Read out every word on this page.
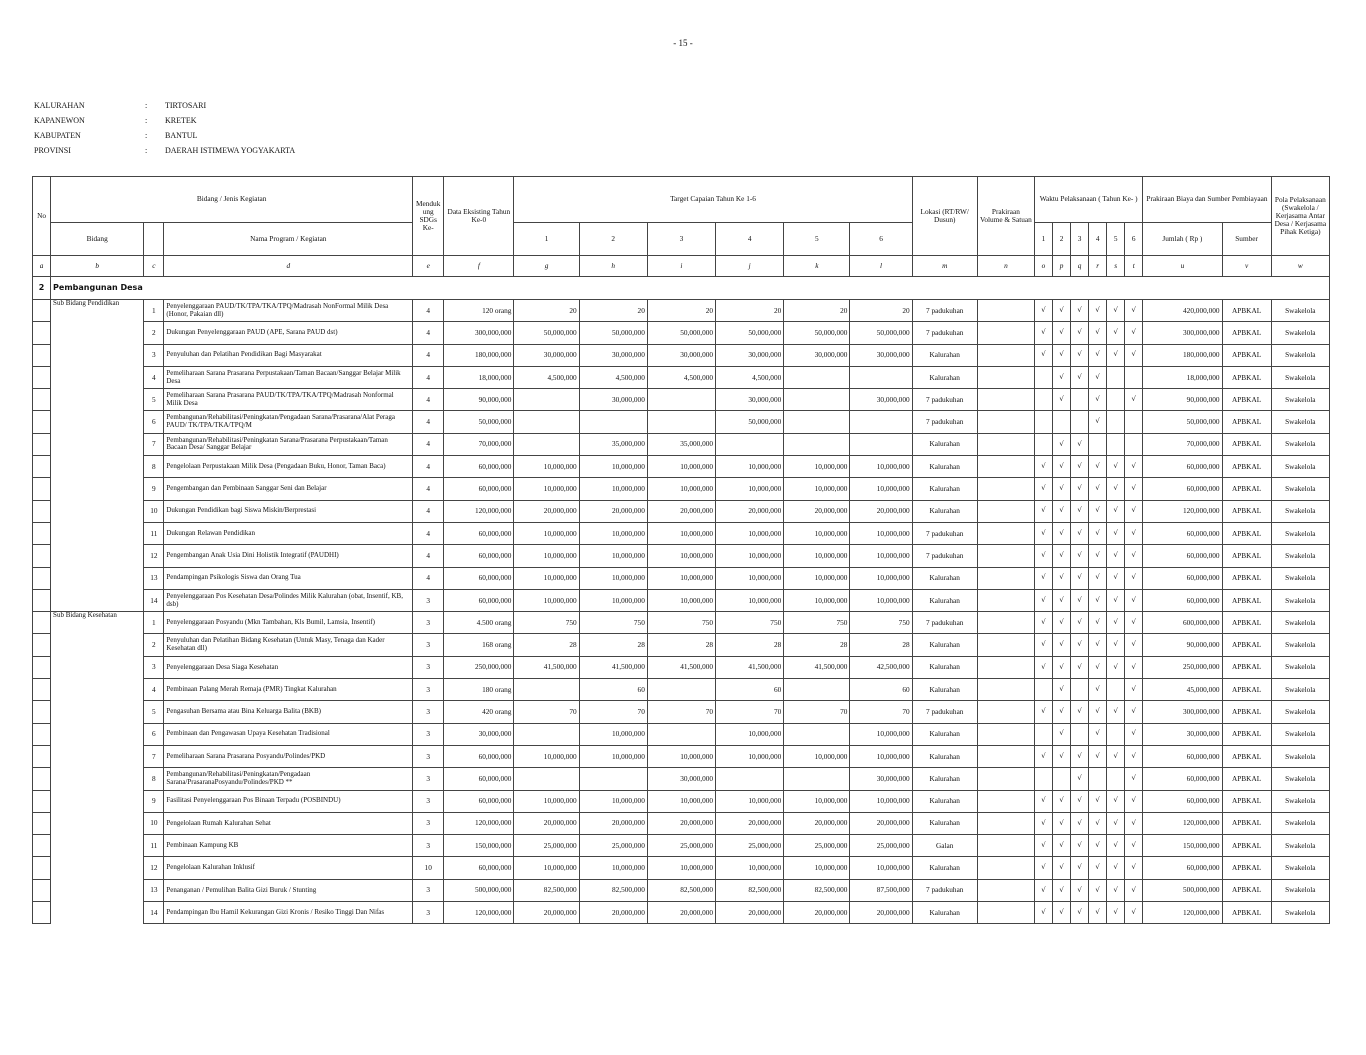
- 15 -
KALURAHAN	:	TIRTOSARI
KAPANEWON	:	KRETEK
KABUPATEN	:	BANTUL
PROVINSI	:	DAERAH ISTIMEWA YOGYAKARTA
No	Bidang / Jenis Kegiatan			Menduk ung SDGs Ke-	Data Eksisting Tahun Ke-0	Target Capaian Tahun Ke 1-6						Lokasi (RT/RW/ Dusun)	Prakiraan Volume & Satuan	Waktu Pelaksanaan ( Tahun Ke- )						Prakiraan Biaya dan Sumber Pembiayaan		Pola Pelaksanaan (Swakelola / Kerjasama Antar Desa / Kerjasama Pihak Ketiga)
	Bidang		Nama Program / Kegiatan			1	2	3	4	5	6			1	2	3	4	5	6	Jumlah ( Rp )	Sumber	
a	b	c	d	e	f	g	h	i	j	k	l	m	n	o	p	q	r	s	t	u	v	w
2	Pembangunan Desa																					
	Sub Bidang Pendidikan	1	Penyelenggaraan PAUD/TK/TPA/TKA/TPQ/Madrasah NonFormal Milik Desa (Honor, Pakaian dll)	4	120 orang	20	20	20	20	20	20	7 padukuhan		√	√	√	√	√	√	420,000,000	APBKAL	Swakelola
		2	Dukungan Penyelenggaraan PAUD (APE, Sarana PAUD dst)	4	300,000,000	50,000,000	50,000,000	50,000,000	50,000,000	50,000,000	50,000,000	7 padukuhan		√	√	√	√	√	√	300,000,000	APBKAL	Swakelola
		3	Penyuluhan dan Pelatihan Pendidikan Bagi Masyarakat	4	180,000,000	30,000,000	30,000,000	30,000,000	30,000,000	30,000,000	30,000,000	Kalurahan		√	√	√	√	√	√	180,000,000	APBKAL	Swakelola
		4	Pemeliharaan Sarana Prasarana Perpustakaan/Taman Bacaan/Sanggar Belajar Milik Desa	4	18,000,000	4,500,000	4,500,000	4,500,000	4,500,000			Kalurahan			√	√	√			18,000,000	APBKAL	Swakelola
		5	Pemeliharaan Sarana Prasarana PAUD/TK/TPA/TKA/TPQ/Madrasah Nonformal Milik Desa	4	90,000,000		30,000,000		30,000,000		30,000,000	7 padukuhan			√		√		√	90,000,000	APBKAL	Swakelola
		6	Pembangunan/Rehabilitasi/Peningkatan/Pengadaan Sarana/Prasarana/Alat Peraga PAUD/ TK/TPA/TKA/TPQ/M	4	50,000,000				50,000,000			7 padukuhan					√			50,000,000	APBKAL	Swakelola
		7	Pembangunan/Rehabilitasi/Peningkatan Sarana/Prasarana Perpustakaan/Taman Bacaan Desa/ Sanggar Belajar	4	70,000,000		35,000,000	35,000,000				Kalurahan			√	√				70,000,000	APBKAL	Swakelola
		8	Pengelolaan Perpustakaan Milik Desa (Pengadaan Buku, Honor, Taman Baca)	4	60,000,000	10,000,000	10,000,000	10,000,000	10,000,000	10,000,000	10,000,000	Kalurahan		√	√	√	√	√	√	60,000,000	APBKAL	Swakelola
		9	Pengembangan dan Pembinaan Sanggar Seni dan Belajar	4	60,000,000	10,000,000	10,000,000	10,000,000	10,000,000	10,000,000	10,000,000	Kalurahan		√	√	√	√	√	√	60,000,000	APBKAL	Swakelola
		10	Dukungan Pendidikan bagi Siswa Miskin/Berprestasi	4	120,000,000	20,000,000	20,000,000	20,000,000	20,000,000	20,000,000	20,000,000	Kalurahan		√	√	√	√	√	√	120,000,000	APBKAL	Swakelola
		11	Dukungan Relawan Pendidikan	4	60,000,000	10,000,000	10,000,000	10,000,000	10,000,000	10,000,000	10,000,000	7 padukuhan		√	√	√	√	√	√	60,000,000	APBKAL	Swakelola
		12	Pengembangan Anak Usia Dini Holistik Integratif (PAUDHI)	4	60,000,000	10,000,000	10,000,000	10,000,000	10,000,000	10,000,000	10,000,000	7 padukuhan		√	√	√	√	√	√	60,000,000	APBKAL	Swakelola
		13	Pendampingan Psikologis Siswa dan Orang Tua	4	60,000,000	10,000,000	10,000,000	10,000,000	10,000,000	10,000,000	10,000,000	Kalurahan		√	√	√	√	√	√	60,000,000	APBKAL	Swakelola
		14	Penyelenggaraan Pos Kesehatan Desa/Polindes Milik Kalurahan (obat, Insentif, KB, dsb)	3	60,000,000	10,000,000	10,000,000	10,000,000	10,000,000	10,000,000	10,000,000	Kalurahan		√	√	√	√	√	√	60,000,000	APBKAL	Swakelola
	Sub Bidang Kesehatan	1	Penyelenggaraan Posyandu (Mkn Tambahan, Kls Bumil, Lamsia, Insentif)	3	4.500 orang	750	750	750	750	750	750	7 padukuhan		√	√	√	√	√	√	600,000,000	APBKAL	Swakelola
		2	Penyuluhan dan Pelatihan Bidang Kesehatan (Untuk Masy, Tenaga dan Kader Kesehatan dll)	3	168 orang	28	28	28	28	28	28	Kalurahan		√	√	√	√	√	√	90,000,000	APBKAL	Swakelola
		3	Penyelenggaraan Desa Siaga Kesehatan	3	250,000,000	41,500,000	41,500,000	41,500,000	41,500,000	41,500,000	42,500,000	Kalurahan		√	√	√	√	√	√	250,000,000	APBKAL	Swakelola
		4	Pembinaan Palang Merah Remaja (PMR) Tingkat Kalurahan	3	180 orang		60		60		60	Kalurahan			√		√		√	45,000,000	APBKAL	Swakelola
		5	Pengasuhan Bersama atau Bina Keluarga Balita (BKB)	3	420 orang	70	70	70	70	70	70	7 padukuhan		√	√	√	√	√	√	300,000,000	APBKAL	Swakelola
		6	Pembinaan dan Pengawasan Upaya Kesehatan Tradisional	3	30,000,000		10,000,000		10,000,000		10,000,000	Kalurahan			√		√		√	30,000,000	APBKAL	Swakelola
		7	Pemeliharaan Sarana Prasarana Posyandu/Polindes/PKD	3	60,000,000	10,000,000	10,000,000	10,000,000	10,000,000	10,000,000	10,000,000	Kalurahan		√	√	√	√	√	√	60,000,000	APBKAL	Swakelola
		8	Pembangunan/Rehabilitasi/Peningkatan/Pengadaan Sarana/PrasaranaPosyandu/Polindes/PKD **	3	60,000,000			30,000,000			30,000,000	Kalurahan				√			√	60,000,000	APBKAL	Swakelola
		9	Fasilitasi Penyelenggaraan Pos Binaan Terpadu (POSBINDU)	3	60,000,000	10,000,000	10,000,000	10,000,000	10,000,000	10,000,000	10,000,000	Kalurahan		√	√	√	√	√	√	60,000,000	APBKAL	Swakelola
		10	Pengelolaan Rumah Kalurahan Sehat	3	120,000,000	20,000,000	20,000,000	20,000,000	20,000,000	20,000,000	20,000,000	Kalurahan		√	√	√	√	√	√	120,000,000	APBKAL	Swakelola
		11	Pembinaan Kampung KB	3	150,000,000	25,000,000	25,000,000	25,000,000	25,000,000	25,000,000	25,000,000	Galan		√	√	√	√	√	√	150,000,000	APBKAL	Swakelola
		12	Pengelolaan Kalurahan Inklusif	10	60,000,000	10,000,000	10,000,000	10,000,000	10,000,000	10,000,000	10,000,000	Kalurahan		√	√	√	√	√	√	60,000,000	APBKAL	Swakelola
		13	Penanganan / Pemulihan Balita Gizi Buruk / Stunting	3	500,000,000	82,500,000	82,500,000	82,500,000	82,500,000	82,500,000	87,500,000	7 padukuhan		√	√	√	√	√	√	500,000,000	APBKAL	Swakelola
		14	Pendampingan Ibu Hamil Kekurangan Gizi Kronis / Resiko Tinggi Dan Nifas	3	120,000,000	20,000,000	20,000,000	20,000,000	20,000,000	20,000,000	20,000,000	Kalurahan		√	√	√	√	√	√	120,000,000	APBKAL	Swakelola
